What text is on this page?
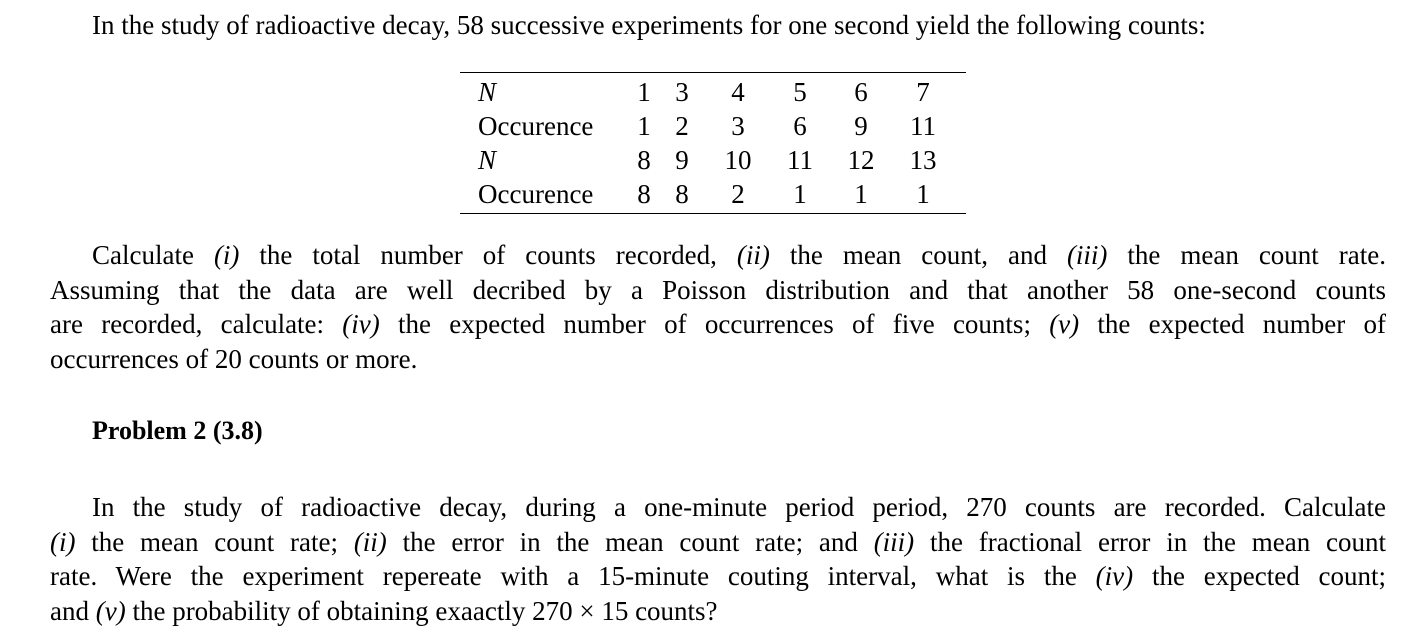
In the study of radioactive decay, 58 successive experiments for one second yield the following counts:
N	1	3	4	5	6	7
Occurence	1	2	3	6	9	11
N	8	9	10	11	12	13
Occurence	8	8	2	1	1	1
Calculate (i) the total number of counts recorded, (ii) the mean count, and (iii) the mean count rate.
Assuming that the data are well decribed by a Poisson distribution and that another 58 one-second counts
are recorded, calculate: (iv) the expected number of occurrences of five counts; (v) the expected number of
occurrences of 20 counts or more.
Problem 2 (3.8)
In the study of radioactive decay, during a one-minute period period, 270 counts are recorded. Calculate
(i) the mean count rate; (ii) the error in the mean count rate; and (iii) the fractional error in the mean count
rate. Were the experiment repereate with a 15-minute couting interval, what is the (iv) the expected count;
and (v) the probability of obtaining exaactly 270 × 15 counts?
